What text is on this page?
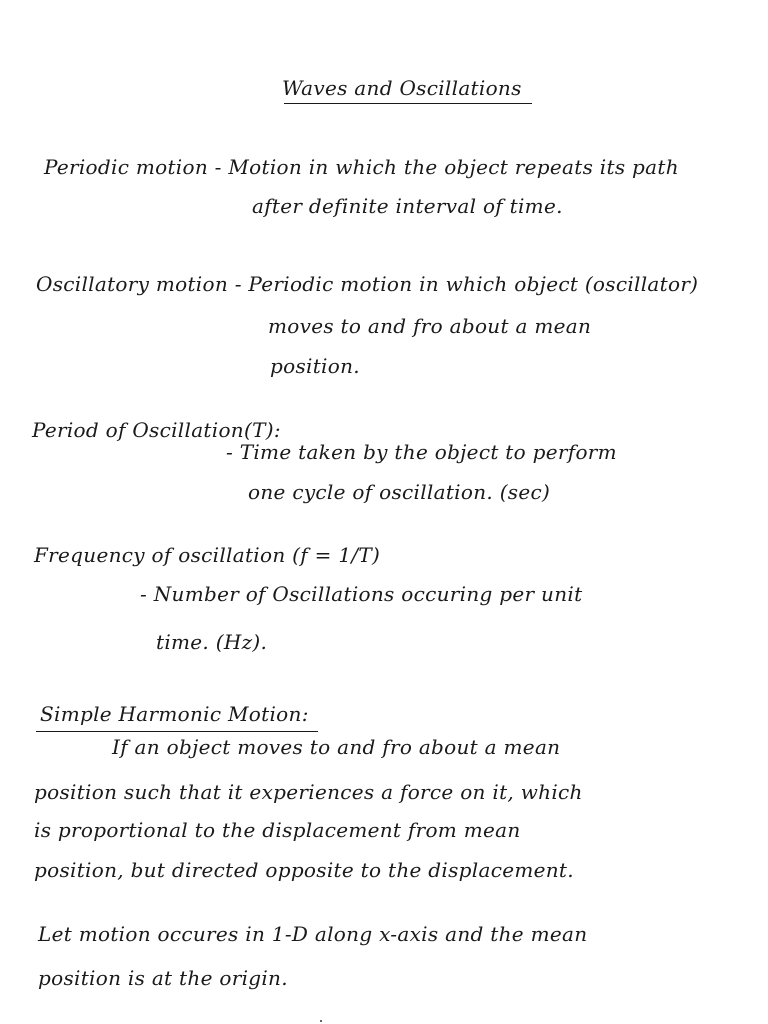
Waves and Oscillations
Periodic motion - Motion in which the object repeats its path
after definite interval of time.
Oscillatory motion - Periodic motion in which object (oscillator)
moves to and fro about a mean
position.
Period of Oscillation(T):
- Time taken by the object to perform
one cycle of oscillation. (sec)
Frequency of oscillation (f = 1/T)
- Number of Oscillations occuring per unit
time. (Hz).
Simple Harmonic Motion:
If an object moves to and fro about a mean
position such that it experiences a force on it, which
is proportional to the displacement from mean
position, but directed opposite to the displacement.
Let motion occures in 1-D along x-axis and the mean
position is at the origin.
